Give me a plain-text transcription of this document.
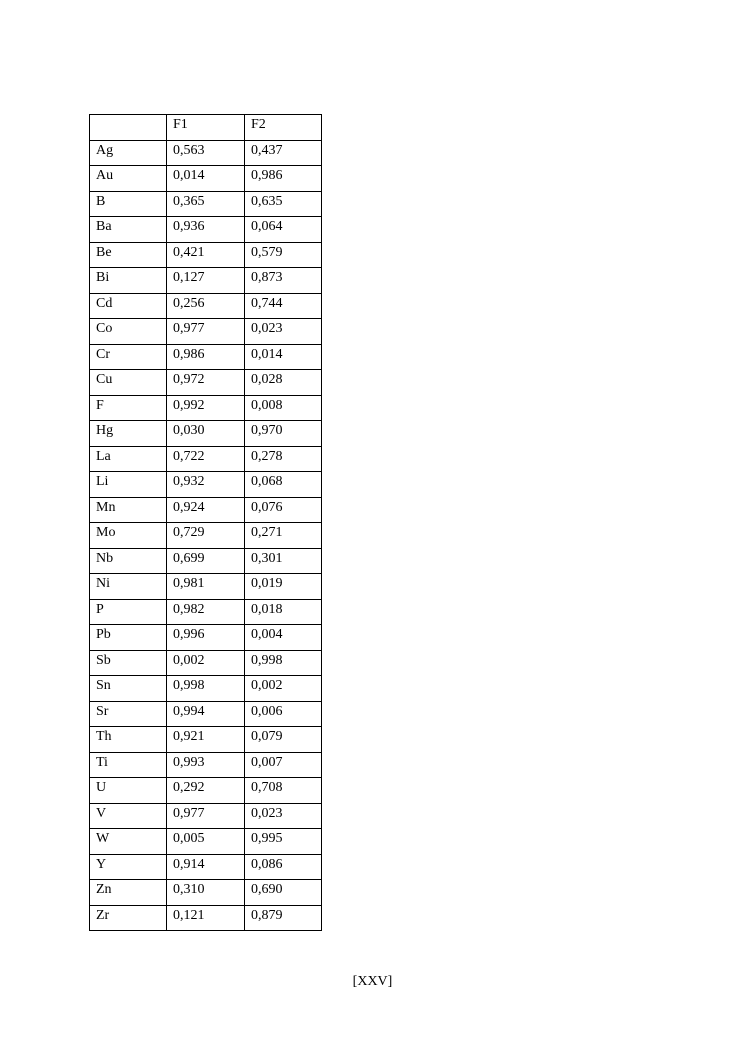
	F1	F2
Ag	0,563	0,437
Au	0,014	0,986
B	0,365	0,635
Ba	0,936	0,064
Be	0,421	0,579
Bi	0,127	0,873
Cd	0,256	0,744
Co	0,977	0,023
Cr	0,986	0,014
Cu	0,972	0,028
F	0,992	0,008
Hg	0,030	0,970
La	0,722	0,278
Li	0,932	0,068
Mn	0,924	0,076
Mo	0,729	0,271
Nb	0,699	0,301
Ni	0,981	0,019
P	0,982	0,018
Pb	0,996	0,004
Sb	0,002	0,998
Sn	0,998	0,002
Sr	0,994	0,006
Th	0,921	0,079
Ti	0,993	0,007
U	0,292	0,708
V	0,977	0,023
W	0,005	0,995
Y	0,914	0,086
Zn	0,310	0,690
Zr	0,121	0,879
[XXV]
